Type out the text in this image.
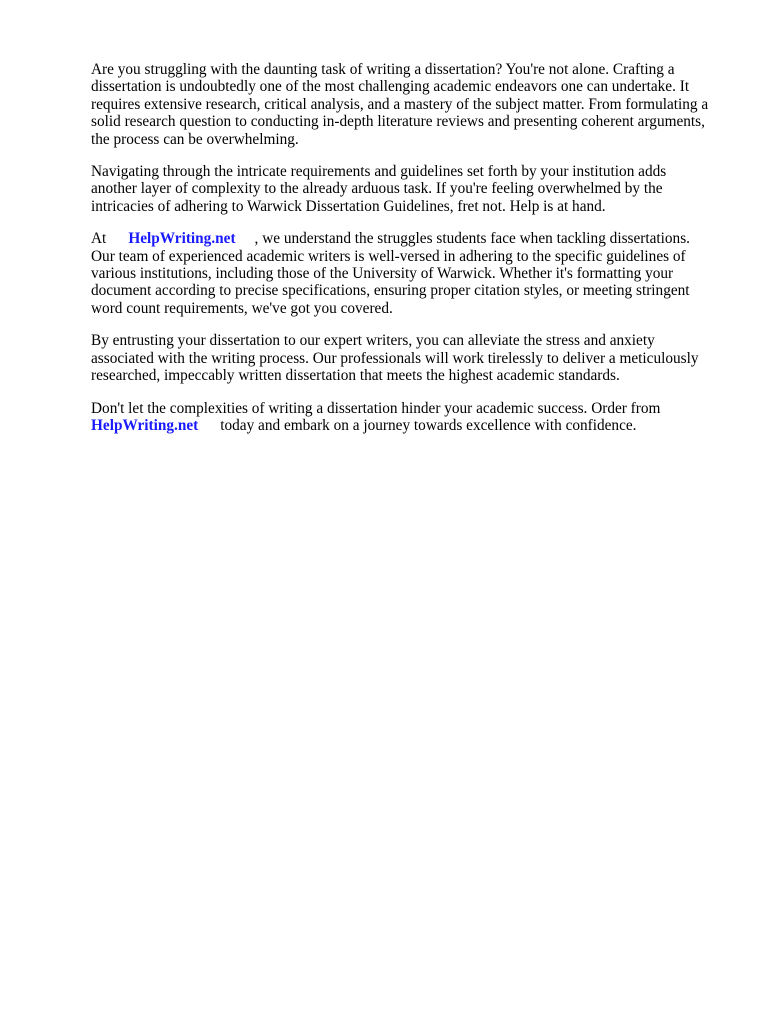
Are you struggling with the daunting task of writing a dissertation? You're not alone. Crafting a
dissertation is undoubtedly one of the most challenging academic endeavors one can undertake. It
requires extensive research, critical analysis, and a mastery of the subject matter. From formulating a
solid research question to conducting in-depth literature reviews and presenting coherent arguments,
the process can be overwhelming.

Navigating through the intricate requirements and guidelines set forth by your institution adds
another layer of complexity to the already arduous task. If you're feeling overwhelmed by the
intricacies of adhering to Warwick Dissertation Guidelines, fret not. Help is at hand.

At HelpWriting.net , we understand the struggles students face when tackling dissertations.
Our team of experienced academic writers is well-versed in adhering to the specific guidelines of
various institutions, including those of the University of Warwick. Whether it's formatting your
document according to precise specifications, ensuring proper citation styles, or meeting stringent
word count requirements, we've got you covered.

By entrusting your dissertation to our expert writers, you can alleviate the stress and anxiety
associated with the writing process. Our professionals will work tirelessly to deliver a meticulously
researched, impeccably written dissertation that meets the highest academic standards.

Don't let the complexities of writing a dissertation hinder your academic success. Order from
HelpWriting.net today and embark on a journey towards excellence with confidence.
